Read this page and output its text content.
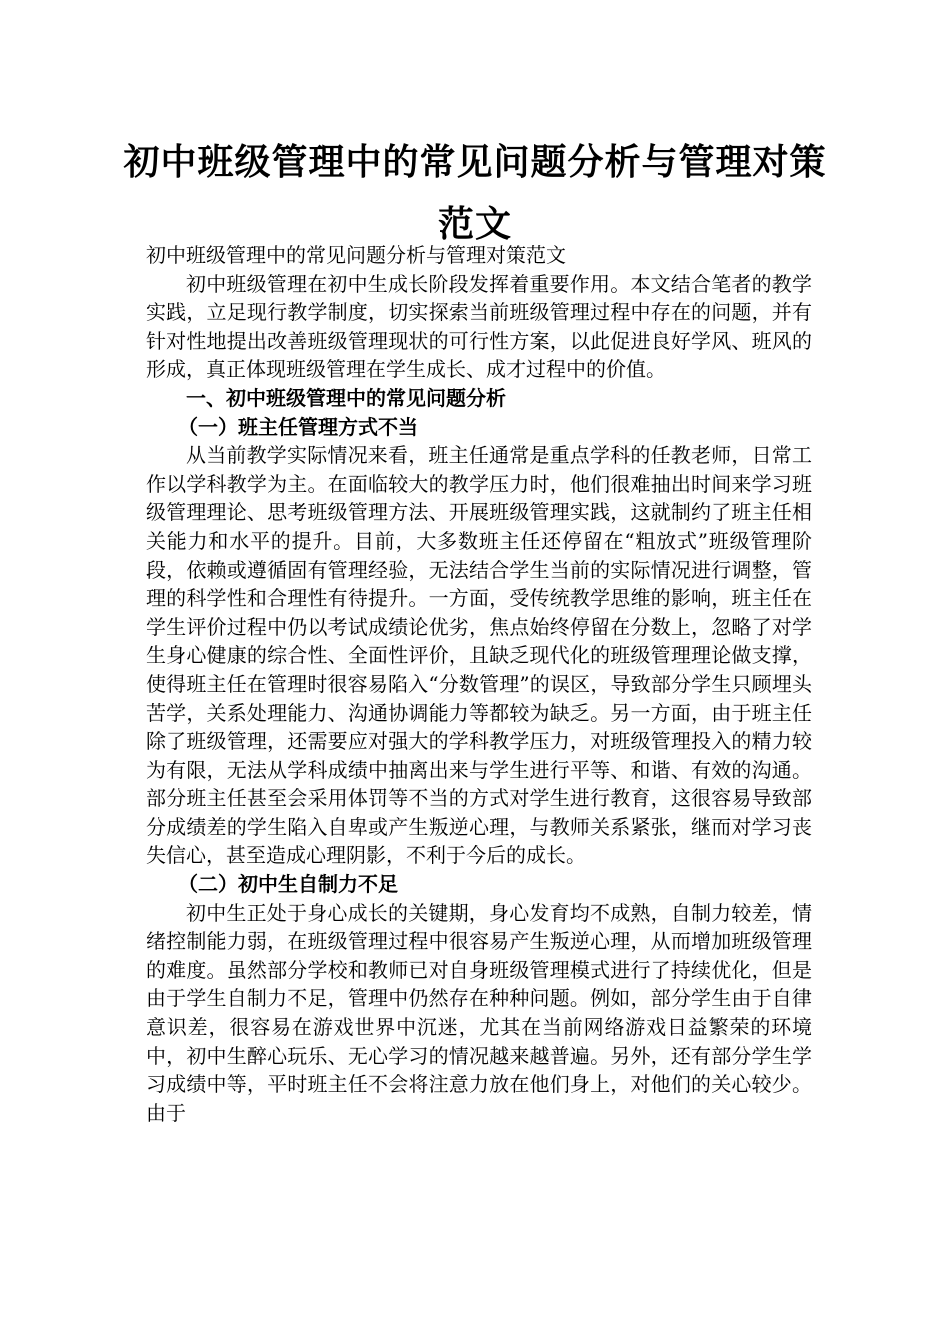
初中班级管理中的常见问题分析与管理对策范文

初中班级管理中的常见问题分析与管理对策范文

初中班级管理在初中生成长阶段发挥着重要作用。本文结合笔者的教学实践，立足现行教学制度，切实探索当前班级管理过程中存在的问题，并有针对性地提出改善班级管理现状的可行性方案，以此促进良好学风、班风的形成，真正体现班级管理在学生成长、成才过程中的价值。

一、初中班级管理中的常见问题分析

（一）班主任管理方式不当

从当前教学实际情况来看，班主任通常是重点学科的任教老师，日常工作以学科教学为主。在面临较大的教学压力时，他们很难抽出时间来学习班级管理理论、思考班级管理方法、开展班级管理实践，这就制约了班主任相关能力和水平的提升。目前，大多数班主任还停留在“粗放式”班级管理阶段，依赖或遵循固有管理经验，无法结合学生当前的实际情况进行调整，管理的科学性和合理性有待提升。一方面，受传统教学思维的影响，班主任在学生评价过程中仍以考试成绩论优劣，焦点始终停留在分数上，忽略了对学生身心健康的综合性、全面性评价，且缺乏现代化的班级管理理论做支撑，使得班主任在管理时很容易陷入“分数管理”的误区，导致部分学生只顾埋头苦学，关系处理能力、沟通协调能力等都较为缺乏。另一方面，由于班主任除了班级管理，还需要应对强大的学科教学压力，对班级管理投入的精力较为有限，无法从学科成绩中抽离出来与学生进行平等、和谐、有效的沟通。部分班主任甚至会采用体罚等不当的方式对学生进行教育，这很容易导致部分成绩差的学生陷入自卑或产生叛逆心理，与教师关系紧张，继而对学习丧失信心，甚至造成心理阴影，不利于今后的成长。

（二）初中生自制力不足

初中生正处于身心成长的关键期，身心发育均不成熟，自制力较差，情绪控制能力弱，在班级管理过程中很容易产生叛逆心理，从而增加班级管理的难度。虽然部分学校和教师已对自身班级管理模式进行了持续优化，但是由于学生自制力不足，管理中仍然存在种种问题。例如，部分学生由于自律意识差，很容易在游戏世界中沉迷，尤其在当前网络游戏日益繁荣的环境中，初中生醉心玩乐、无心学习的情况越来越普遍。另外，还有部分学生学习成绩中等，平时班主任不会将注意力放在他们身上，对他们的关心较少。由于
